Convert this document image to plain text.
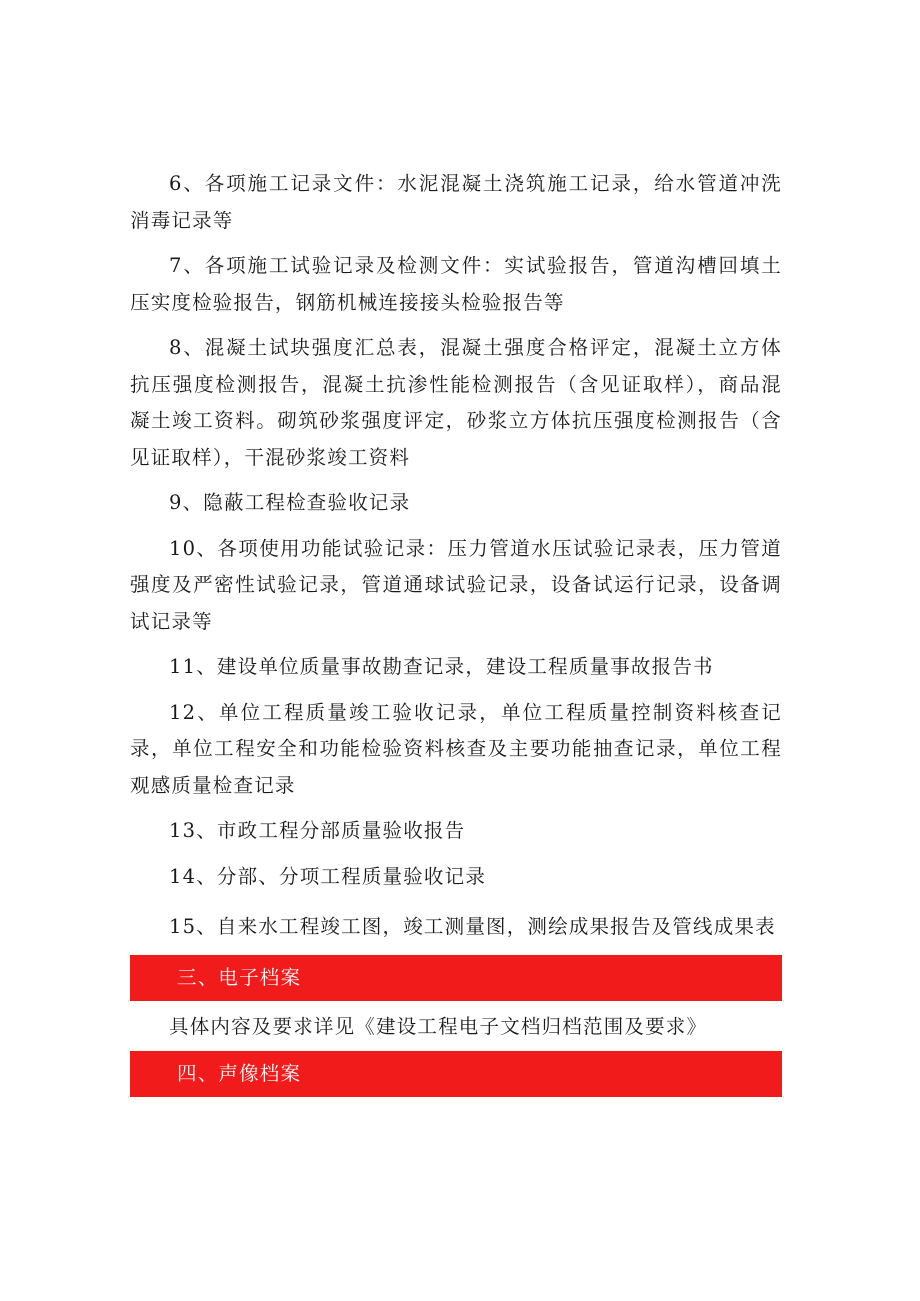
6、各项施工记录文件：水泥混凝土浇筑施工记录，给水管道冲洗消毒记录等

7、各项施工试验记录及检测文件：实试验报告，管道沟槽回填土压实度检验报告，钢筋机械连接接头检验报告等

8、混凝土试块强度汇总表，混凝土强度合格评定，混凝土立方体抗压强度检测报告，混凝土抗渗性能检测报告（含见证取样），商品混凝土竣工资料。砌筑砂浆强度评定，砂浆立方体抗压强度检测报告（含见证取样），干混砂浆竣工资料

9、隐蔽工程检查验收记录

10、各项使用功能试验记录：压力管道水压试验记录表，压力管道强度及严密性试验记录，管道通球试验记录，设备试运行记录，设备调试记录等

11、建设单位质量事故勘查记录，建设工程质量事故报告书

12、单位工程质量竣工验收记录，单位工程质量控制资料核查记录，单位工程安全和功能检验资料核查及主要功能抽查记录，单位工程观感质量检查记录

13、市政工程分部质量验收报告

14、分部、分项工程质量验收记录

15、自来水工程竣工图，竣工测量图，测绘成果报告及管线成果表

三、电子档案

具体内容及要求详见《建设工程电子文档归档范围及要求》

四、声像档案
